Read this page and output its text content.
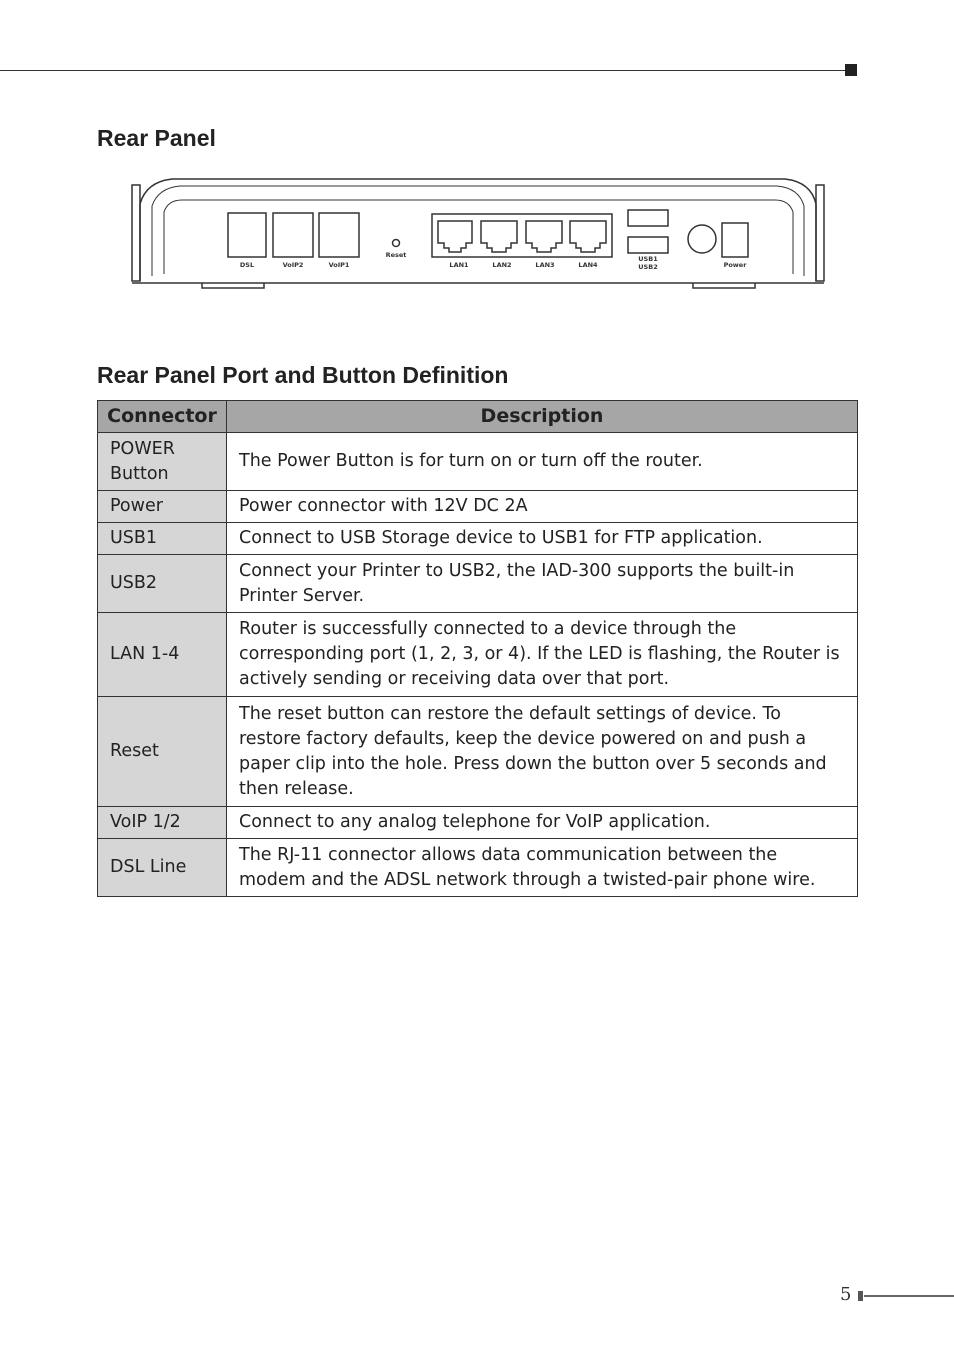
Rear Panel
DSL	VoIP2	VoIP1
Reset
LAN1	LAN2	LAN3	LAN4
USB1
USB2	Power
Rear Panel Port and Button Definition
Connector	Description
POWER Button	The Power Button is for turn on or turn off the router.
Power	Power connector with 12V DC 2A
USB1	Connect to USB Storage device to USB1 for FTP application.
USB2	Connect your Printer to USB2, the IAD-300 supports the built-in Printer Server.
LAN 1-4	Router is successfully connected to a device through the corresponding port (1, 2, 3, or 4). If the LED is flashing, the Router is actively sending or receiving data over that port.
Reset	The reset button can restore the default settings of device. To restore factory defaults, keep the device powered on and push a paper clip into the hole. Press down the button over 5 seconds and then release.
VoIP 1/2	Connect to any analog telephone for VoIP application.
DSL Line	The RJ-11 connector allows data communication between the modem and the ADSL network through a twisted-pair phone wire.
5
